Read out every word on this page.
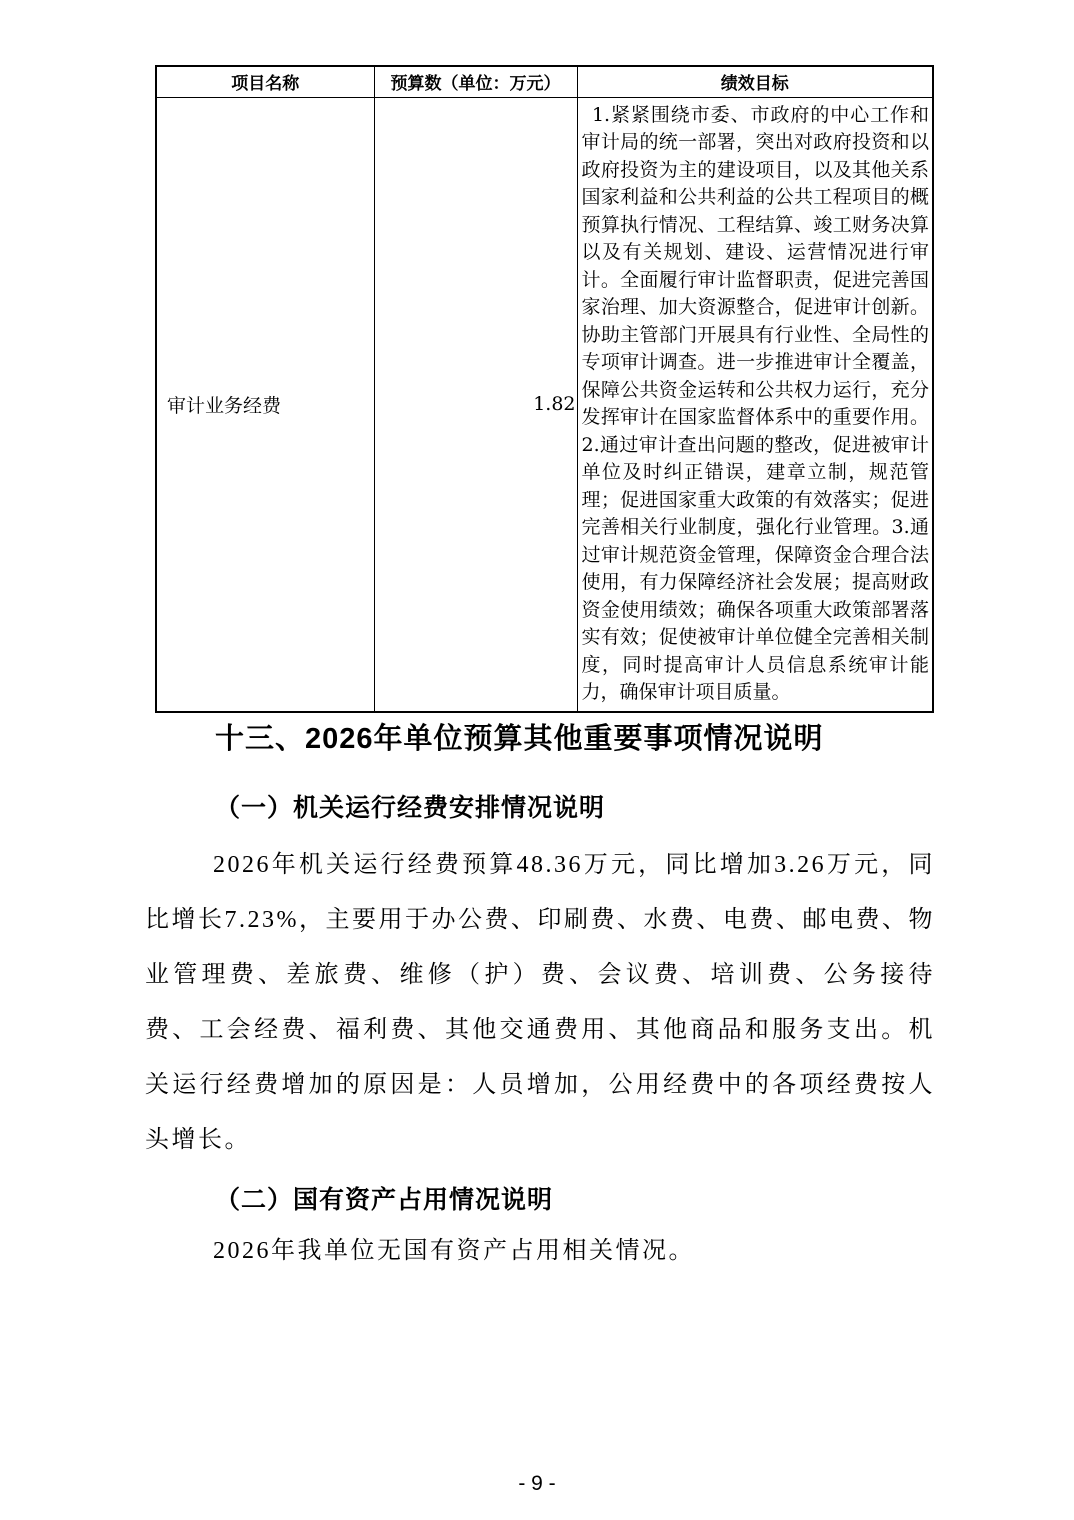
项目名称	预算数（单位：万元）	绩效目标
审计业务经费	1.82	1.紧紧围绕市委、市政府的中心工作和审计局的统一部署，突出对政府投资和以政府投资为主的建设项目，以及其他关系国家利益和公共利益的公共工程项目的概预算执行情况、工程结算、竣工财务决算以及有关规划、建设、运营情况进行审计。全面履行审计监督职责，促进完善国家治理、加大资源整合，促进审计创新。协助主管部门开展具有行业性、全局性的专项审计调查。进一步推进审计全覆盖，保障公共资金运转和公共权力运行，充分发挥审计在国家监督体系中的重要作用。2.通过审计查出问题的整改，促进被审计单位及时纠正错误，建章立制，规范管理；促进国家重大政策的有效落实；促进完善相关行业制度，强化行业管理。3.通过审计规范资金管理，保障资金合理合法使用，有力保障经济社会发展；提高财政资金使用绩效；确保各项重大政策部署落实有效；促使被审计单位健全完善相关制度，同时提高审计人员信息系统审计能力，确保审计项目质量。
十三、2026年单位预算其他重要事项情况说明
（一）机关运行经费安排情况说明
2026年机关运行经费预算48.36万元，同比增加3.26万元，同比增长7.23%，主要用于办公费、印刷费、水费、电费、邮电费、物业管理费、差旅费、维修（护）费、会议费、培训费、公务接待费、工会经费、福利费、其他交通费用、其他商品和服务支出。机关运行经费增加的原因是：人员增加，公用经费中的各项经费按人头增长。
（二）国有资产占用情况说明
2026年我单位无国有资产占用相关情况。
- 9 -
